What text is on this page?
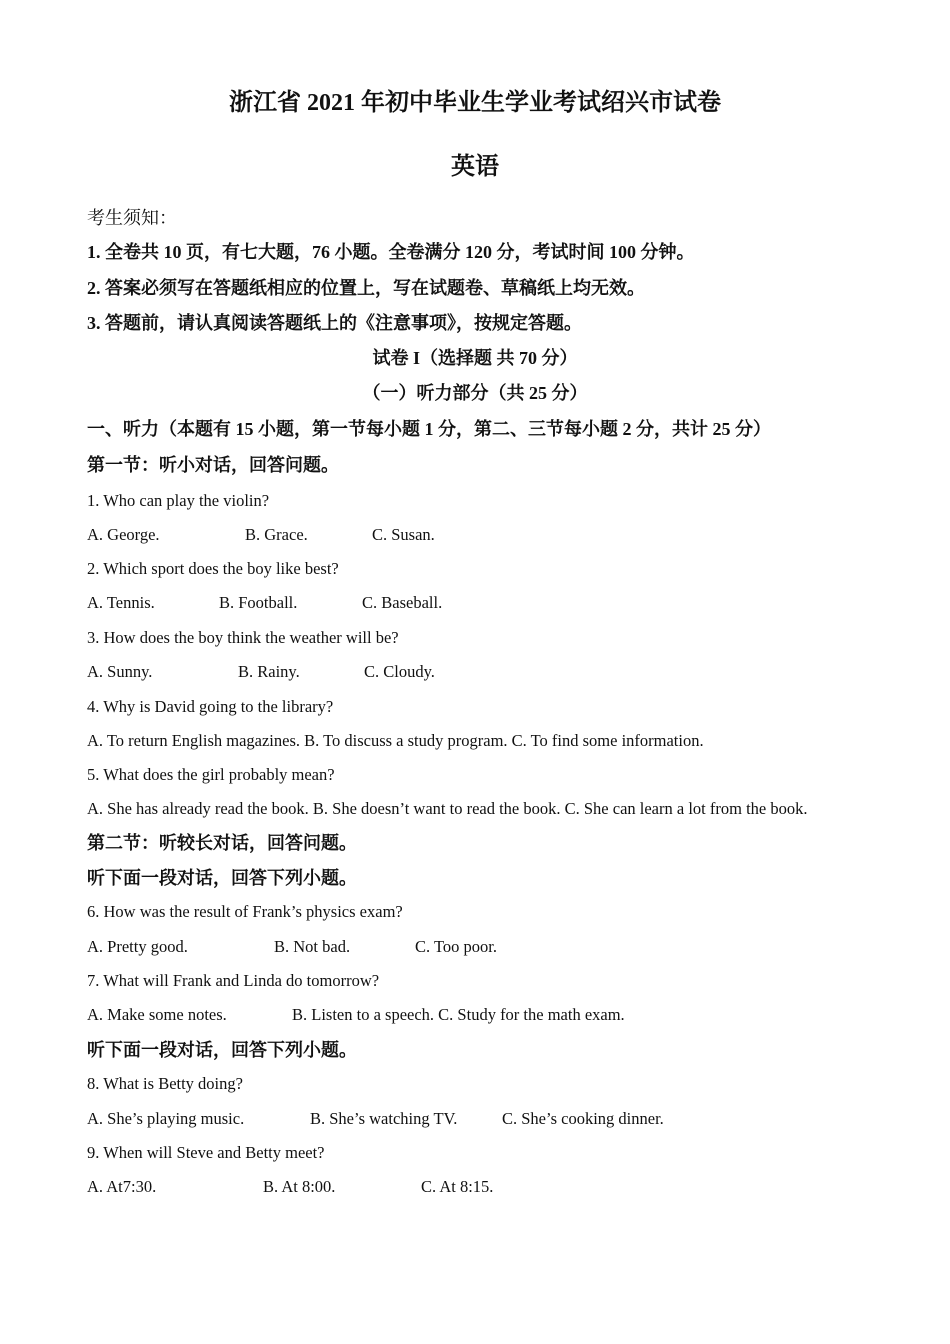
浙江省 2021 年初中毕业生学业考试绍兴市试卷
英语
考生须知：
1. 全卷共 10 页，有七大题，76 小题。全卷满分 120 分，考试时间 100 分钟。
2. 答案必须写在答题纸相应的位置上，写在试题卷、草稿纸上均无效。
3. 答题前，请认真阅读答题纸上的《注意事项》，按规定答题。
试卷 I（选择题 共 70 分）
（一）听力部分（共 25 分）
一、听力（本题有 15 小题，第一节每小题 1 分，第二、三节每小题 2 分，共计 25 分）
第一节：听小对话，回答问题。
1. Who can play the violin?
A. George.	B. Grace.	C. Susan.
2. Which sport does the boy like best?
A. Tennis.	B. Football.	C. Baseball.
3. How does the boy think the weather will be?
A. Sunny.	B. Rainy.	C. Cloudy.
4. Why is David going to the library?
A. To return English magazines. B. To discuss a study program. C. To find some information.
5. What does the girl probably mean?
A. She has already read the book. B. She doesn’t want to read the book. C. She can learn a lot from the book.
第二节：听较长对话，回答问题。
听下面一段对话，回答下列小题。
6. How was the result of Frank’s physics exam?
A. Pretty good.	B. Not bad.	C. Too poor.
7. What will Frank and Linda do tomorrow?
A. Make some notes.	B. Listen to a speech. C. Study for the math exam.
听下面一段对话，回答下列小题。
8. What is Betty doing?
A. She’s playing music.	B. She’s watching TV.	C. She’s cooking dinner.
9. When will Steve and Betty meet?
A. At7:30.	B. At 8:00.	C. At 8:15.
